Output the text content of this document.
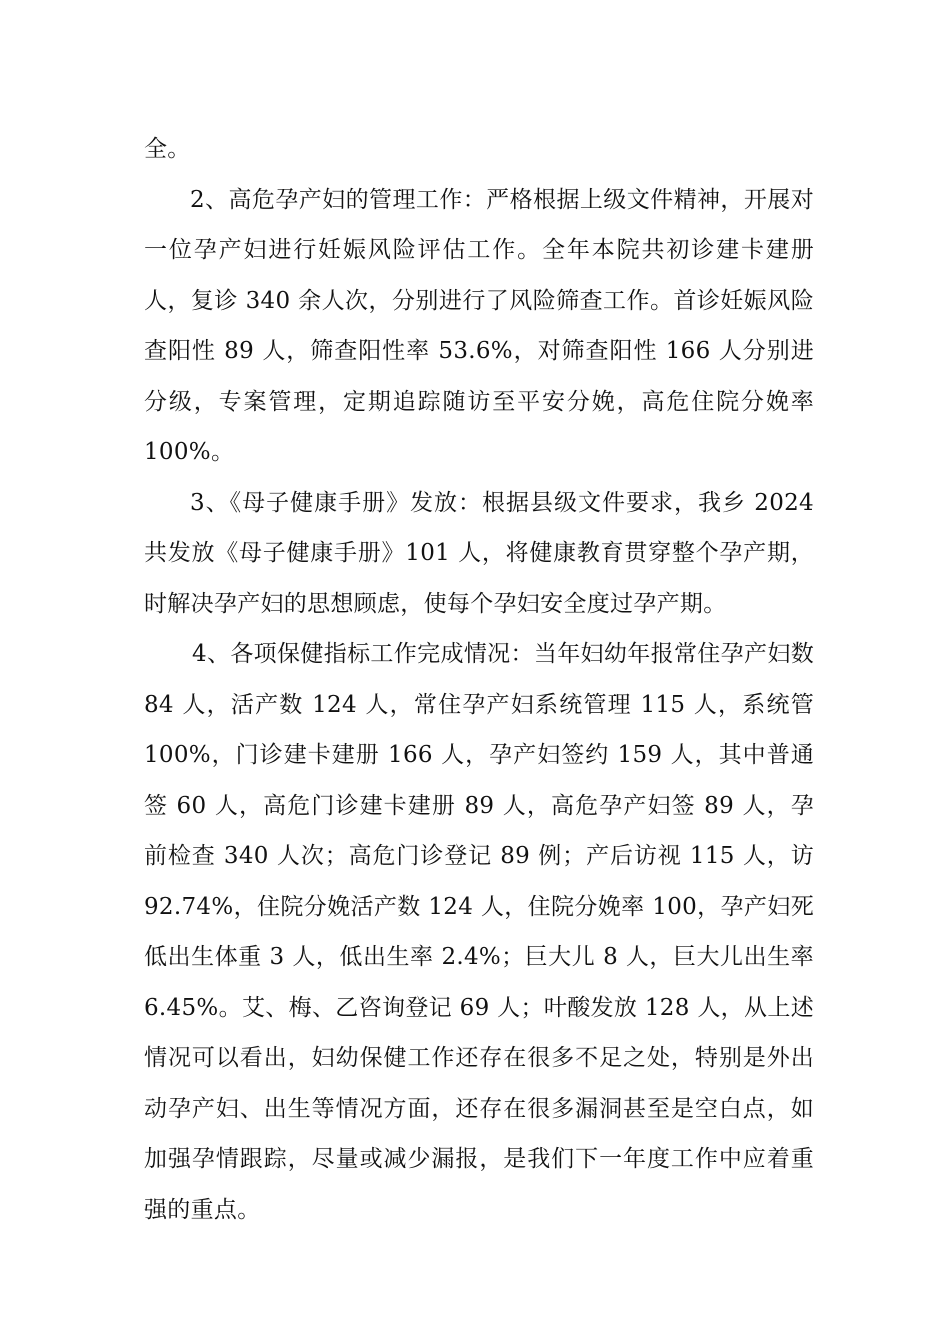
全。
2、高危孕产妇的管理工作：严格根据上级文件精神，开展对
一位孕产妇进行妊娠风险评估工作。全年本院共初诊建卡建册
人，复诊 340 余人次，分别进行了风险筛查工作。首诊妊娠风险
查阳性 89 人，筛查阳性率 53.6%，对筛查阳性 166 人分别进
分级，专案管理，定期追踪随访至平安分娩，高危住院分娩率
100%。
3、《母子健康手册》发放：根据县级文件要求，我乡 2024
共发放《母子健康手册》101 人，将健康教育贯穿整个孕产期，
时解决孕产妇的思想顾虑，使每个孕妇安全度过孕产期。
4、各项保健指标工作完成情况：当年妇幼年报常住孕产妇数
84 人，活产数 124 人，常住孕产妇系统管理 115 人，系统管
100%，门诊建卡建册 166 人，孕产妇签约 159 人，其中普通
签 60 人，高危门诊建卡建册 89 人，高危孕产妇签 89 人，孕
前检查 340 人次；高危门诊登记 89 例；产后访视 115 人，访
92.74%，住院分娩活产数 124 人，住院分娩率 100，孕产妇死
低出生体重 3 人，低出生率 2.4%；巨大儿 8 人，巨大儿出生率
6.45%。艾、梅、乙咨询登记 69 人；叶酸发放 128 人，从上述
情况可以看出，妇幼保健工作还存在很多不足之处，特别是外出
动孕产妇、出生等情况方面，还存在很多漏洞甚至是空白点，如
加强孕情跟踪，尽量或减少漏报，是我们下一年度工作中应着重
强的重点。
